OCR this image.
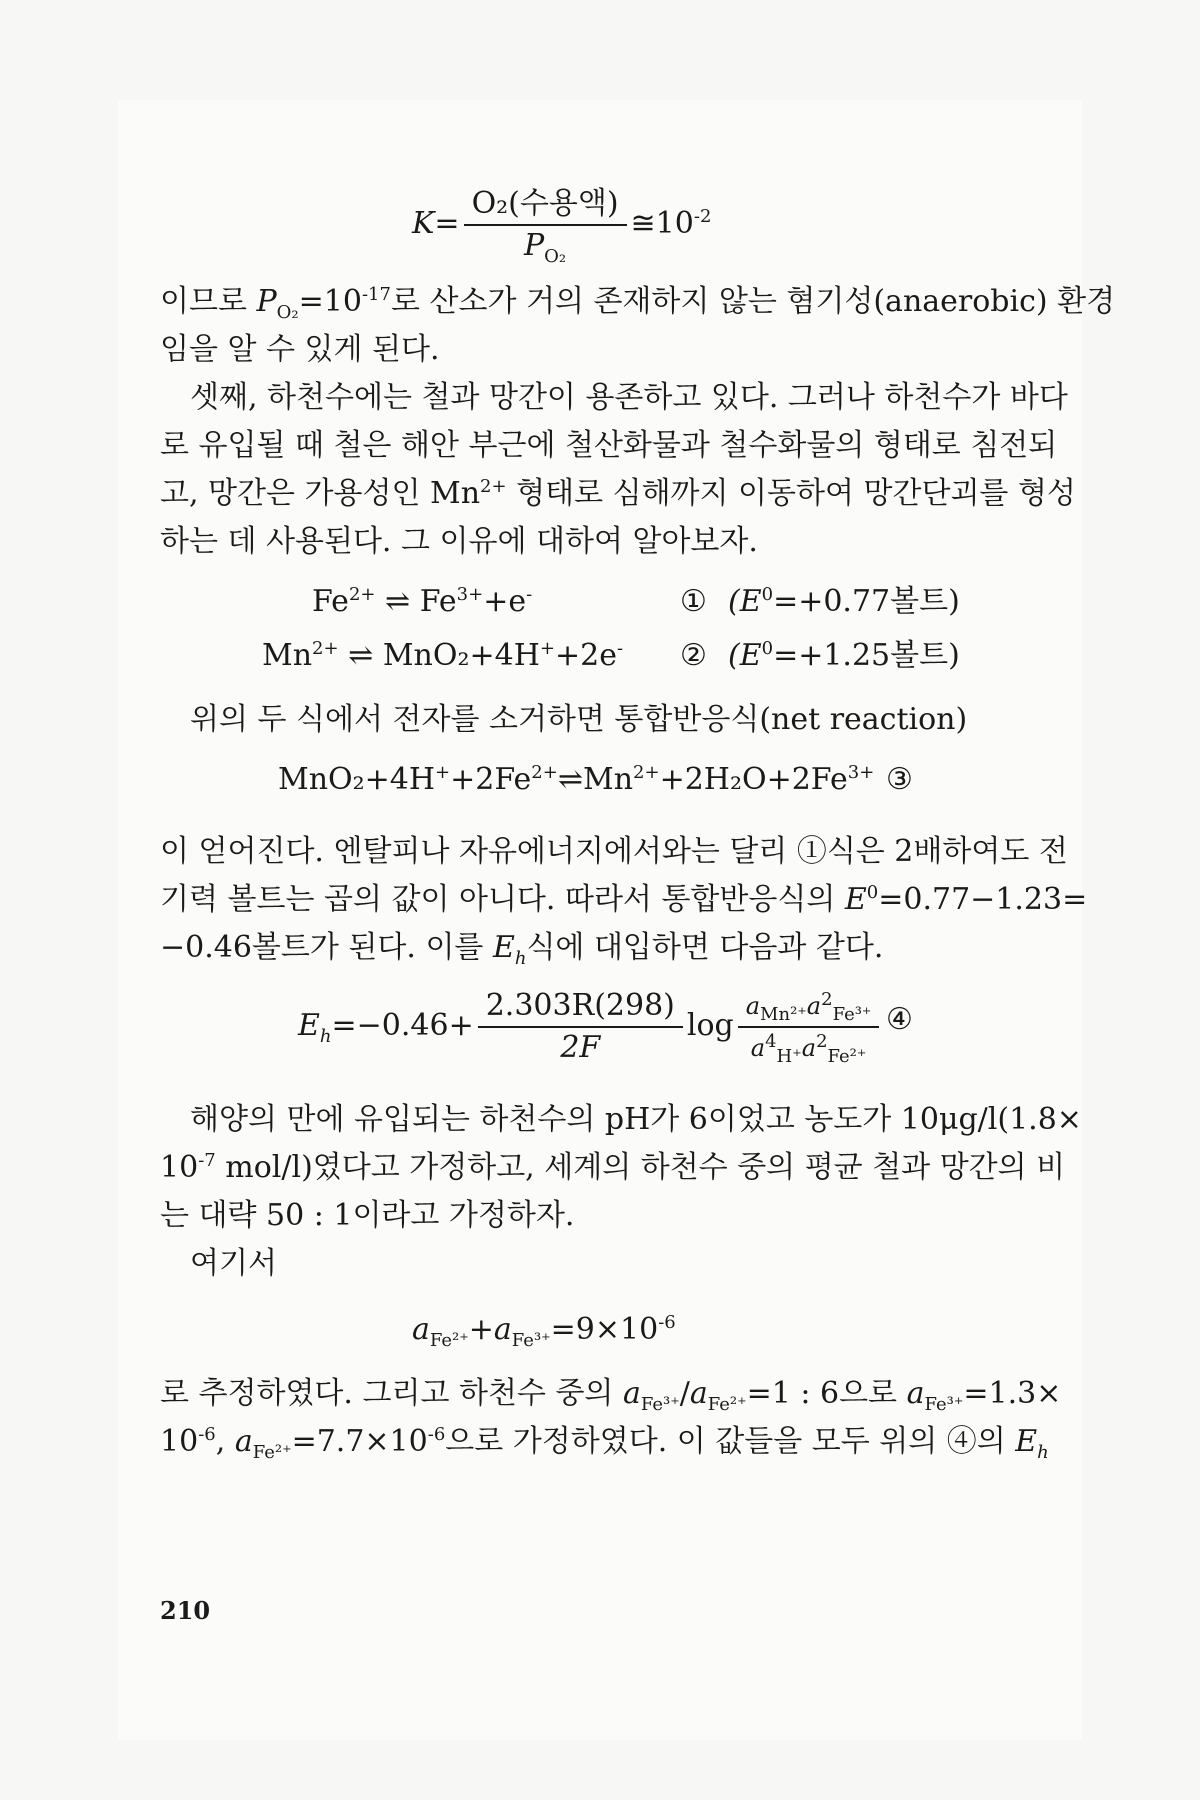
$K= \frac{\text{O₂(수용액)}}{P_{O_2}}$ $≅10^{-2}$
이므로 $P_{O_2}=10^{-17}$로 산소가 거의 존재하지 않는 혐기성(anaerobic) 환경
임을 알 수 있게 된다.
셋째, 하천수에는 철과 망간이 용존하고 있다. 그러나 하천수가 바다
로 유입될 때 철은 해안 부근에 철산화물과 철수화물의 형태로 침전되
고, 망간은 가용성인 $Mn^{2+}$ 형태로 심해까지 이동하여 망간단괴를 형성
하는 데 사용된다. 그 이유에 대하여 알아보자.
$Fe^{2+}$ ⇌ $Fe^{3+}+e^-$	① ($E^0=+0.77$볼트)
$Mn^{2+}$ ⇌ MnO₂+4H++2e- ② ($E^0=+1.25$볼트)
위의 두 식에서 전자를 소거하면 통합반응식(net reaction)
$MnO_2+4H^++2Fe^{2+}\rightleftharpoons Mn^{2+}+2H_2O+2Fe^{3+}$ ③
이 얻어진다. 엔탈피나 자유에너지에서와는 달리 ①식은 2배하여도 전
기력 볼트는 곱의 값이 아니다. 따라서 통합반응식의 $E^0=0.77-1.23=$
−0.46볼트가 된다. 이를 $E_h$식에 대입하면 다음과 같다.
$E_h=-0.46+ \frac{2.303R(298)}{2F}$ $\log \frac{a_{Mn^{2+}}a^2_{Fe^{3+}}}{a^4_{H^+}a^2_{Fe^{2+}}}$ ④
해양의 만에 유입되는 하천수의 pH가 6이었고 농도가 10μg/l(1.8×
$10^{-7}$ mol/l)였다고 가정하고, 세계의 하천수 중의 평균 철과 망간의 비
는 대략 50 : 1이라고 가정하자.
여기서
$a_{Fe^{2+}}+a_{Fe^{3+}}=9\times 10^{-6}$
로 추정하였다. 그리고 하천수 중의 $a_{Fe^{3+}}/a_{Fe^{2+}}=1$ : 6으로 $a_{Fe^{3+}}=1.3\times$
$10^{-6}$, $a_{Fe^{2+}}=7.7\times 10^{-6}$으로 가정하였다. 이 값들을 모두 위의 ④의 $E_h$
210
